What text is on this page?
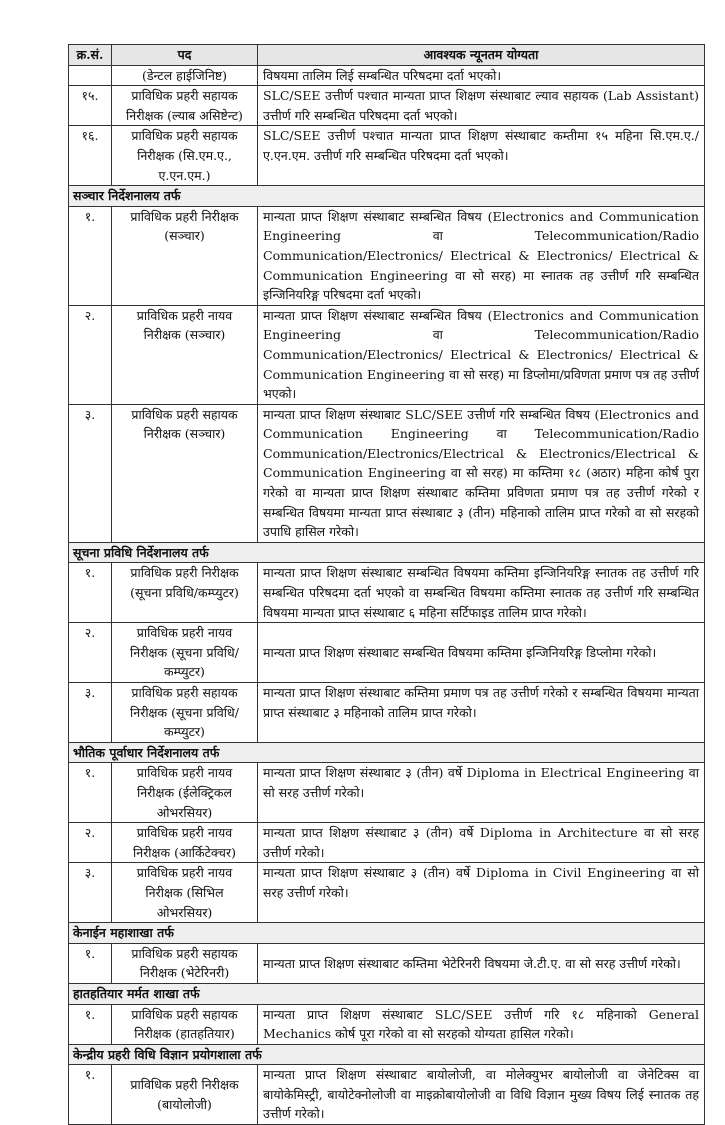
क्र.सं.	पद	आवश्यक न्यूनतम योग्यता
	(डेन्टल हाईजिनिष्ट)	विषयमा तालिम लिई सम्बन्धित परिषदमा दर्ता भएको।
१५.	प्राविधिक प्रहरी सहायक निरीक्षक (ल्याब असिष्टेन्ट)	SLC/SEE उत्तीर्ण पश्चात मान्यता प्राप्त शिक्षण संस्थाबाट ल्याव सहायक (Lab Assistant) उत्तीर्ण गरि सम्बन्धित परिषदमा दर्ता भएको।
१६.	प्राविधिक प्रहरी सहायक निरीक्षक (सि.एम.ए., ए.एन.एम.)	SLC/SEE उत्तीर्ण पश्चात मान्यता प्राप्त शिक्षण संस्थाबाट कम्तीमा १५ महिना सि.एम.ए./ए.एन.एम. उत्तीर्ण गरि सम्बन्धित परिषदमा दर्ता भएको।
सञ्चार निर्देशनालय तर्फ		
१.	प्राविधिक प्रहरी निरीक्षक (सञ्चार)	मान्यता प्राप्त शिक्षण संस्थाबाट सम्बन्धित विषय (Electronics and Communication Engineering वा Telecommunication/Radio Communication/Electronics/ Electrical & Electronics/ Electrical & Communication Engineering वा सो सरह) मा स्नातक तह उत्तीर्ण गरि सम्बन्धित इन्जिनियरिङ्ग परिषदमा दर्ता भएको।
२.	प्राविधिक प्रहरी नायव निरीक्षक (सञ्चार)	मान्यता प्राप्त शिक्षण संस्थाबाट सम्बन्धित विषय (Electronics and Communication Engineering वा Telecommunication/Radio Communication/Electronics/ Electrical & Electronics/ Electrical & Communication Engineering वा सो सरह) मा डिप्लोमा/प्रविणता प्रमाण पत्र तह उत्तीर्ण भएको।
३.	प्राविधिक प्रहरी सहायक निरीक्षक (सञ्चार)	मान्यता प्राप्त शिक्षण संस्थाबाट SLC/SEE उत्तीर्ण गरि सम्बन्धित विषय (Electronics and Communication Engineering वा Telecommunication/Radio Communication/Electronics/Electrical & Electronics/Electrical & Communication Engineering वा सो सरह) मा कम्तिमा १८ (अठार) महिना कोर्ष पुरा गरेको वा मान्यता प्राप्त शिक्षण संस्थाबाट कम्तिमा प्रविणता प्रमाण पत्र तह उत्तीर्ण गरेको र सम्बन्धित विषयमा मान्यता प्राप्त संस्थाबाट ३ (तीन) महिनाको तालिम प्राप्त गरेको वा सो सरहको उपाधि हासिल गरेको।
सूचना प्रविधि निर्देशनालय तर्फ		
१.	प्राविधिक प्रहरी निरीक्षक (सूचना प्रविधि/कम्प्युटर)	मान्यता प्राप्त शिक्षण संस्थाबाट सम्बन्धित विषयमा कम्तिमा इन्जिनियरिङ्ग स्नातक तह उत्तीर्ण गरि सम्बन्धित परिषदमा दर्ता भएको वा सम्बन्धित विषयमा कम्तिमा स्नातक तह उत्तीर्ण गरि सम्बन्धित विषयमा मान्यता प्राप्त संस्थाबाट ६ महिना सर्टिफाइड तालिम प्राप्त गरेको।
२.	प्राविधिक प्रहरी नायव निरीक्षक (सूचना प्रविधि/कम्प्युटर)	मान्यता प्राप्त शिक्षण संस्थाबाट सम्बन्धित विषयमा कम्तिमा इन्जिनियरिङ्ग डिप्लोमा गरेको।
३.	प्राविधिक प्रहरी सहायक निरीक्षक (सूचना प्रविधि/कम्प्युटर)	मान्यता प्राप्त शिक्षण संस्थाबाट कम्तिमा प्रमाण पत्र तह उत्तीर्ण गरेको र सम्बन्धित विषयमा मान्यता प्राप्त संस्थाबाट ३ महिनाको तालिम प्राप्त गरेको।
भौतिक पूर्वाधार निर्देशनालय तर्फ		
१.	प्राविधिक प्रहरी नायव निरीक्षक (ईलेक्ट्रिकल ओभरसियर)	मान्यता प्राप्त शिक्षण संस्थाबाट ३ (तीन) वर्षे Diploma in Electrical Engineering वा सो सरह उत्तीर्ण गरेको।
२.	प्राविधिक प्रहरी नायव निरीक्षक (आर्किटेक्चर)	मान्यता प्राप्त शिक्षण संस्थाबाट ३ (तीन) वर्षे Diploma in Architecture वा सो सरह उत्तीर्ण गरेको।
३.	प्राविधिक प्रहरी नायव निरीक्षक (सिभिल ओभरसियर)	मान्यता प्राप्त शिक्षण संस्थाबाट ३ (तीन) वर्षे Diploma in Civil Engineering वा सो सरह उत्तीर्ण गरेको।
केनाईन महाशाखा तर्फ		
१.	प्राविधिक प्रहरी सहायक निरीक्षक (भेटेरिनरी)	मान्यता प्राप्त शिक्षण संस्थाबाट कम्तिमा भेटेरिनरी विषयमा जे.टी.ए. वा सो सरह उत्तीर्ण गरेको।
हातहतियार मर्मत शाखा तर्फ		
१.	प्राविधिक प्रहरी सहायक निरीक्षक (हातहतियार)	मान्यता प्राप्त शिक्षण संस्थाबाट SLC/SEE उत्तीर्ण गरि १८ महिनाको General Mechanics कोर्ष पूरा गरेको वा सो सरहको योग्यता हासिल गरेको।
केन्द्रीय प्रहरी विधि विज्ञान प्रयोगशाला तर्फ		
१.	प्राविधिक प्रहरी निरीक्षक (बायोलोजी)	मान्यता प्राप्त शिक्षण संस्थाबाट बायोलोजी, वा मोलेक्युभर बायोलोजी वा जेनेटिक्स वा बायोकेमिस्ट्री, बायोटेक्नोलोजी वा माइक्रोबायोलोजी वा विधि विज्ञान मुख्य विषय लिई स्नातक तह उत्तीर्ण गरेको।
